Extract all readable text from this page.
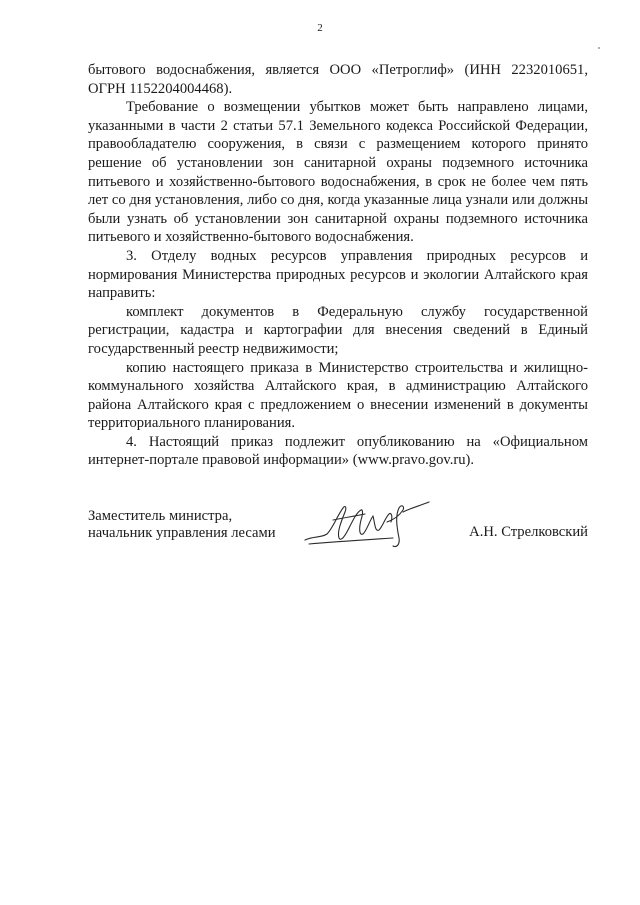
2

бытового водоснабжения, является ООО «Петроглиф» (ИНН 2232010651, ОГРН 1152204004468).

Требование о возмещении убытков может быть направлено лицами, указанными в части 2 статьи 57.1 Земельного кодекса Российской Федерации, правообладателю сооружения, в связи с размещением которого принято решение об установлении зон санитарной охраны подземного источника питьевого и хозяйственно-бытового водоснабжения, в срок не более чем пять лет со дня установления, либо со дня, когда указанные лица узнали или должны были узнать об установлении зон санитарной охраны подземного источника питьевого и хозяйственно-бытового водоснабжения.

3. Отделу водных ресурсов управления природных ресурсов и нормирования Министерства природных ресурсов и экологии Алтайского края направить:

комплект документов в Федеральную службу государственной регистрации, кадастра и картографии для внесения сведений в Единый государственный реестр недвижимости;

копию настоящего приказа в Министерство строительства и жилищно-коммунального хозяйства Алтайского края, в администрацию Алтайского района Алтайского края с предложением о внесении изменений в документы территориального планирования.

4. Настоящий приказ подлежит опубликованию на «Официальном интернет-портале правовой информации» (www.pravo.gov.ru).

Заместитель министра,
начальник управления лесами	А.Н. Стрелковский
